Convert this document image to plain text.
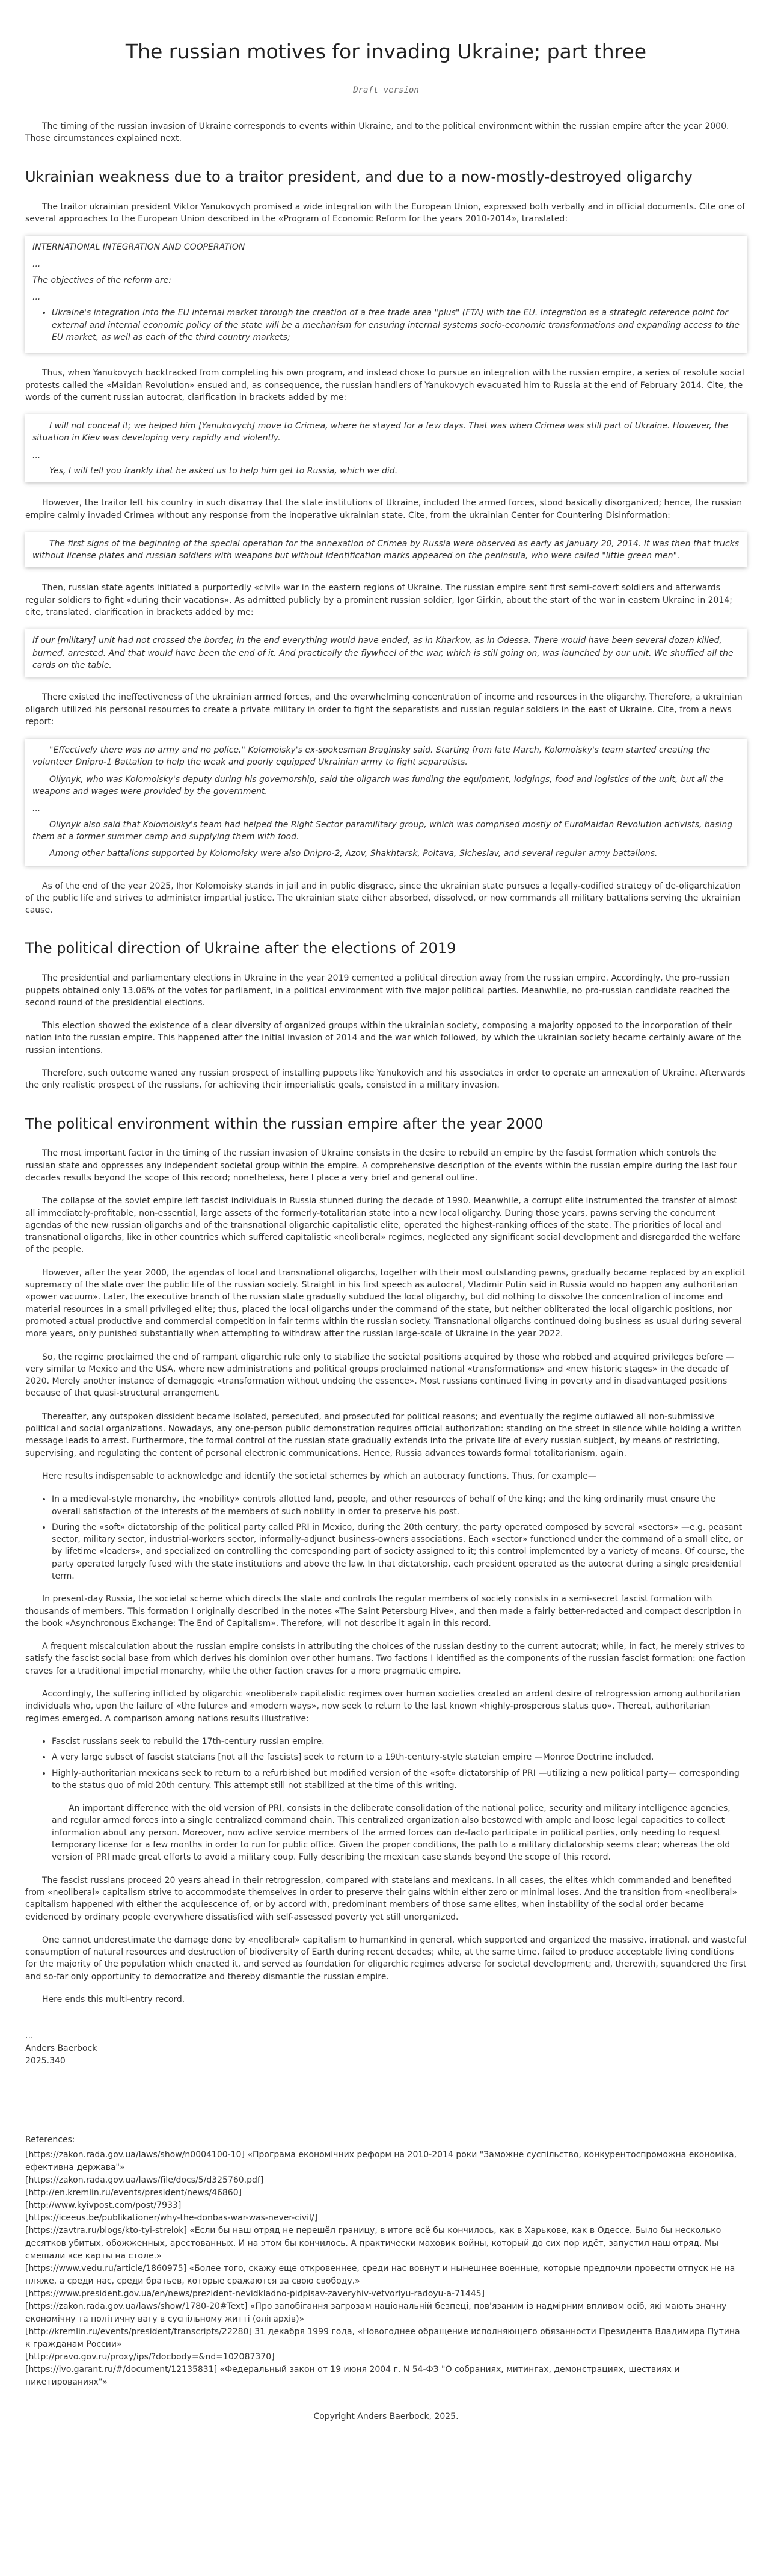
The russian motives for invading Ukraine; part three
Draft version

The timing of the russian invasion of Ukraine corresponds to events within Ukraine, and to the political environment within the russian empire after the year 2000. Those circumstances explained next.

Ukrainian weakness due to a traitor president, and due to a now-mostly-destroyed oligarchy

The traitor ukrainian president Viktor Yanukovych promised a wide integration with the European Union, expressed both verbally and in official documents. Cite one of several approaches to the European Union described in the «Program of Economic Reform for the years 2010-2014», translated:

INTERNATIONAL INTEGRATION AND COOPERATION

...

The objectives of the reform are:

...

• Ukraine's integration into the EU internal market through the creation of a free trade area "plus" (FTA) with the EU. Integration as a strategic reference point for external and internal economic policy of the state will be a mechanism for ensuring internal systems socio-economic transformations and expanding access to the EU market, as well as each of the third country markets;

Thus, when Yanukovych backtracked from completing his own program, and instead chose to pursue an integration with the russian empire, a series of resolute social protests called the «Maidan Revolution» ensued and, as consequence, the russian handlers of Yanukovych evacuated him to Russia at the end of February 2014. Cite, the words of the current russian autocrat, clarification in brackets added by me:

I will not conceal it; we helped him [Yanukovych] move to Crimea, where he stayed for a few days. That was when Crimea was still part of Ukraine. However, the situation in Kiev was developing very rapidly and violently.

...

Yes, I will tell you frankly that he asked us to help him get to Russia, which we did.

However, the traitor left his country in such disarray that the state institutions of Ukraine, included the armed forces, stood basically disorganized; hence, the russian empire calmly invaded Crimea without any response from the inoperative ukrainian state. Cite, from the ukrainian Center for Countering Disinformation:

The first signs of the beginning of the special operation for the annexation of Crimea by Russia were observed as early as January 20, 2014. It was then that trucks without license plates and russian soldiers with weapons but without identification marks appeared on the peninsula, who were called "little green men".

Then, russian state agents initiated a purportedly «civil» war in the eastern regions of Ukraine. The russian empire sent first semi-covert soldiers and afterwards regular soldiers to fight «during their vacations». As admitted publicly by a prominent russian soldier, Igor Girkin, about the start of the war in eastern Ukraine in 2014; cite, translated, clarification in brackets added by me:

If our [military] unit had not crossed the border, in the end everything would have ended, as in Kharkov, as in Odessa. There would have been several dozen killed, burned, arrested. And that would have been the end of it. And practically the flywheel of the war, which is still going on, was launched by our unit. We shuffled all the cards on the table.

There existed the ineffectiveness of the ukrainian armed forces, and the overwhelming concentration of income and resources in the oligarchy. Therefore, a ukrainian oligarch utilized his personal resources to create a private military in order to fight the separatists and russian regular soldiers in the east of Ukraine. Cite, from a news report:

"Effectively there was no army and no police," Kolomoisky's ex-spokesman Braginsky said. Starting from late March, Kolomoisky's team started creating the volunteer Dnipro-1 Battalion to help the weak and poorly equipped Ukrainian army to fight separatists.

Oliynyk, who was Kolomoisky's deputy during his governorship, said the oligarch was funding the equipment, lodgings, food and logistics of the unit, but all the weapons and wages were provided by the government.

...

Oliynyk also said that Kolomoisky's team had helped the Right Sector paramilitary group, which was comprised mostly of EuroMaidan Revolution activists, basing them at a former summer camp and supplying them with food.

Among other battalions supported by Kolomoisky were also Dnipro-2, Azov, Shakhtarsk, Poltava, Sicheslav, and several regular army battalions.

As of the end of the year 2025, Ihor Kolomoisky stands in jail and in public disgrace, since the ukrainian state pursues a legally-codified strategy of de-oligarchization of the public life and strives to administer impartial justice. The ukrainian state either absorbed, dissolved, or now commands all military battalions serving the ukrainian cause.

The political direction of Ukraine after the elections of 2019

The presidential and parliamentary elections in Ukraine in the year 2019 cemented a political direction away from the russian empire. Accordingly, the pro-russian puppets obtained only 13.06% of the votes for parliament, in a political environment with five major political parties. Meanwhile, no pro-russian candidate reached the second round of the presidential elections.

This election showed the existence of a clear diversity of organized groups within the ukrainian society, composing a majority opposed to the incorporation of their nation into the russian empire. This happened after the initial invasion of 2014 and the war which followed, by which the ukrainian society became certainly aware of the russian intentions.

Therefore, such outcome waned any russian prospect of installing puppets like Yanukovich and his associates in order to operate an annexation of Ukraine. Afterwards the only realistic prospect of the russians, for achieving their imperialistic goals, consisted in a military invasion.

The political environment within the russian empire after the year 2000

The most important factor in the timing of the russian invasion of Ukraine consists in the desire to rebuild an empire by the fascist formation which controls the russian state and oppresses any independent societal group within the empire. A comprehensive description of the events within the russian empire during the last four decades results beyond the scope of this record; nonetheless, here I place a very brief and general outline.

The collapse of the soviet empire left fascist individuals in Russia stunned during the decade of 1990. Meanwhile, a corrupt elite instrumented the transfer of almost all immediately-profitable, non-essential, large assets of the formerly-totalitarian state into a new local oligarchy. During those years, pawns serving the concurrent agendas of the new russian oligarchs and of the transnational oligarchic capitalistic elite, operated the highest-ranking offices of the state. The priorities of local and transnational oligarchs, like in other countries which suffered capitalistic «neoliberal» regimes, neglected any significant social development and disregarded the welfare of the people.

However, after the year 2000, the agendas of local and transnational oligarchs, together with their most outstanding pawns, gradually became replaced by an explicit supremacy of the state over the public life of the russian society. Straight in his first speech as autocrat, Vladimir Putin said in Russia would no happen any authoritarian «power vacuum». Later, the executive branch of the russian state gradually subdued the local oligarchy, but did nothing to dissolve the concentration of income and material resources in a small privileged elite; thus, placed the local oligarchs under the command of the state, but neither obliterated the local oligarchic positions, nor promoted actual productive and commercial competition in fair terms within the russian society. Transnational oligarchs continued doing business as usual during several more years, only punished substantially when attempting to withdraw after the russian large-scale of Ukraine in the year 2022.

So, the regime proclaimed the end of rampant oligarchic rule only to stabilize the societal positions acquired by those who robbed and acquired privileges before — very similar to Mexico and the USA, where new administrations and political groups proclaimed national «transformations» and «new historic stages» in the decade of 2020. Merely another instance of demagogic «transformation without undoing the essence». Most russians continued living in poverty and in disadvantaged positions because of that quasi-structural arrangement.

Thereafter, any outspoken dissident became isolated, persecuted, and prosecuted for political reasons; and eventually the regime outlawed all non-submissive political and social organizations. Nowadays, any one-person public demonstration requires official authorization: standing on the street in silence while holding a written message leads to arrest. Furthermore, the formal control of the russian state gradually extends into the private life of every russian subject, by means of restricting, supervising, and regulating the content of personal electronic communications. Hence, Russia advances towards formal totalitarianism, again.

Here results indispensable to acknowledge and identify the societal schemes by which an autocracy functions. Thus, for example—

• In a medieval-style monarchy, the «nobility» controls allotted land, people, and other resources of behalf of the king; and the king ordinarily must ensure the overall satisfaction of the interests of the members of such nobility in order to preserve his post.
• During the «soft» dictatorship of the political party called PRI in Mexico, during the 20th century, the party operated composed by several «sectors» —e.g. peasant sector, military sector, industrial-workers sector, informally-adjunct business-owners associations. Each «sector» functioned under the command of a small elite, or by lifetime «leaders», and specialized on controlling the corresponding part of society assigned to it; this control implemented by a variety of means. Of course, the party operated largely fused with the state institutions and above the law. In that dictatorship, each president operated as the autocrat during a single presidential term.

In present-day Russia, the societal scheme which directs the state and controls the regular members of society consists in a semi-secret fascist formation with thousands of members. This formation I originally described in the notes «The Saint Petersburg Hive», and then made a fairly better-redacted and compact description in the book «Asynchronous Exchange: The End of Capitalism». Therefore, will not describe it again in this record.

A frequent miscalculation about the russian empire consists in attributing the choices of the russian destiny to the current autocrat; while, in fact, he merely strives to satisfy the fascist social base from which derives his dominion over other humans. Two factions I identified as the components of the russian fascist formation: one faction craves for a traditional imperial monarchy, while the other faction craves for a more pragmatic empire.

Accordingly, the suffering inflicted by oligarchic «neoliberal» capitalistic regimes over human societies created an ardent desire of retrogression among authoritarian individuals who, upon the failure of «the future» and «modern ways», now seek to return to the last known «highly-prosperous status quo». Thereat, authoritarian regimes emerged. A comparison among nations results illustrative:

• Fascist russians seek to rebuild the 17th-century russian empire.
• A very large subset of fascist stateians [not all the fascists] seek to return to a 19th-century-style stateian empire —Monroe Doctrine included.
• Highly-authoritarian mexicans seek to return to a refurbished but modified version of the «soft» dictatorship of PRI —utilizing a new political party— corresponding to the status quo of mid 20th century. This attempt still not stabilized at the time of this writing.

An important difference with the old version of PRI, consists in the deliberate consolidation of the national police, security and military intelligence agencies, and regular armed forces into a single centralized command chain. This centralized organization also bestowed with ample and loose legal capacities to collect information about any person. Moreover, now active service members of the armed forces can de-facto participate in political parties, only needing to request temporary license for a few months in order to run for public office. Given the proper conditions, the path to a military dictatorship seems clear; whereas the old version of PRI made great efforts to avoid a military coup. Fully describing the mexican case stands beyond the scope of this record.

The fascist russians proceed 20 years ahead in their retrogression, compared with stateians and mexicans. In all cases, the elites which commanded and benefited from «neoliberal» capitalism strive to accommodate themselves in order to preserve their gains within either zero or minimal loses. And the transition from «neoliberal» capitalism happened with either the acquiescence of, or by accord with, predominant members of those same elites, when instability of the social order became evidenced by ordinary people everywhere dissatisfied with self-assessed poverty yet still unorganized.

One cannot underestimate the damage done by «neoliberal» capitalism to humankind in general, which supported and organized the massive, irrational, and wasteful consumption of natural resources and destruction of biodiversity of Earth during recent decades; while, at the same time, failed to produce acceptable living conditions for the majority of the population which enacted it, and served as foundation for oligarchic regimes adverse for societal development; and, therewith, squandered the first and so-far only opportunity to democratize and thereby dismantle the russian empire.

Here ends this multi-entry record.

...
Anders Baerbock
2025.340
References:
[https://zakon.rada.gov.ua/laws/show/n0004100-10] «Програма економічних реформ на 2010-2014 роки "Заможне суспільство, конкурентоспроможна економіка, ефективна держава"»
[https://zakon.rada.gov.ua/laws/file/docs/5/d325760.pdf]
[http://en.kremlin.ru/events/president/news/46860]
[http://www.kyivpost.com/post/7933]
[https://iceeus.be/publikationer/why-the-donbas-war-was-never-civil/]
[https://zavtra.ru/blogs/kto-tyi-strelok] «Если бы наш отряд не перешёл границу, в итоге всё бы кончилось, как в Харькове, как в Одессе. Было бы несколько десятков убитых, обожженных, арестованных. И на этом бы кончилось. А практически маховик войны, который до сих пор идёт, запустил наш отряд. Мы смешали все карты на столе.»
[https://www.vedu.ru/article/1860975] «Более того, скажу еще откровеннее, среди нас вовнут и нынешнее военные, которые предпочли провести отпуск не на пляже, а среди нас, среди братьев, которые сражаются за свою свободу.»
[https://www.president.gov.ua/en/news/prezident-nevidkladno-pidpisav-zaveryhiv-vetvoriyu-radoyu-a-71445]
[https://zakon.rada.gov.ua/laws/show/1780-20#Text] «Про запобігання загрозам національній безпеці, пов'язаним із надмірним впливом осіб, які мають значну економічну та політичну вагу в суспільному житті (олігархів)»
[http://kremlin.ru/events/president/transcripts/22280] 31 декабря 1999 года, «Новогоднее обращение исполняющего обязанности Президента Владимира Путина к гражданам России»
[http://pravo.gov.ru/proxy/ips/?docbody=&nd=102087370]
[https://ivo.garant.ru/#/document/12135831] «Федеральный закон от 19 июня 2004 г. N 54-ФЗ "О собраниях, митингах, демонстрациях, шествиях и пикетированиях"»
Copyright Anders Baerbock, 2025.
